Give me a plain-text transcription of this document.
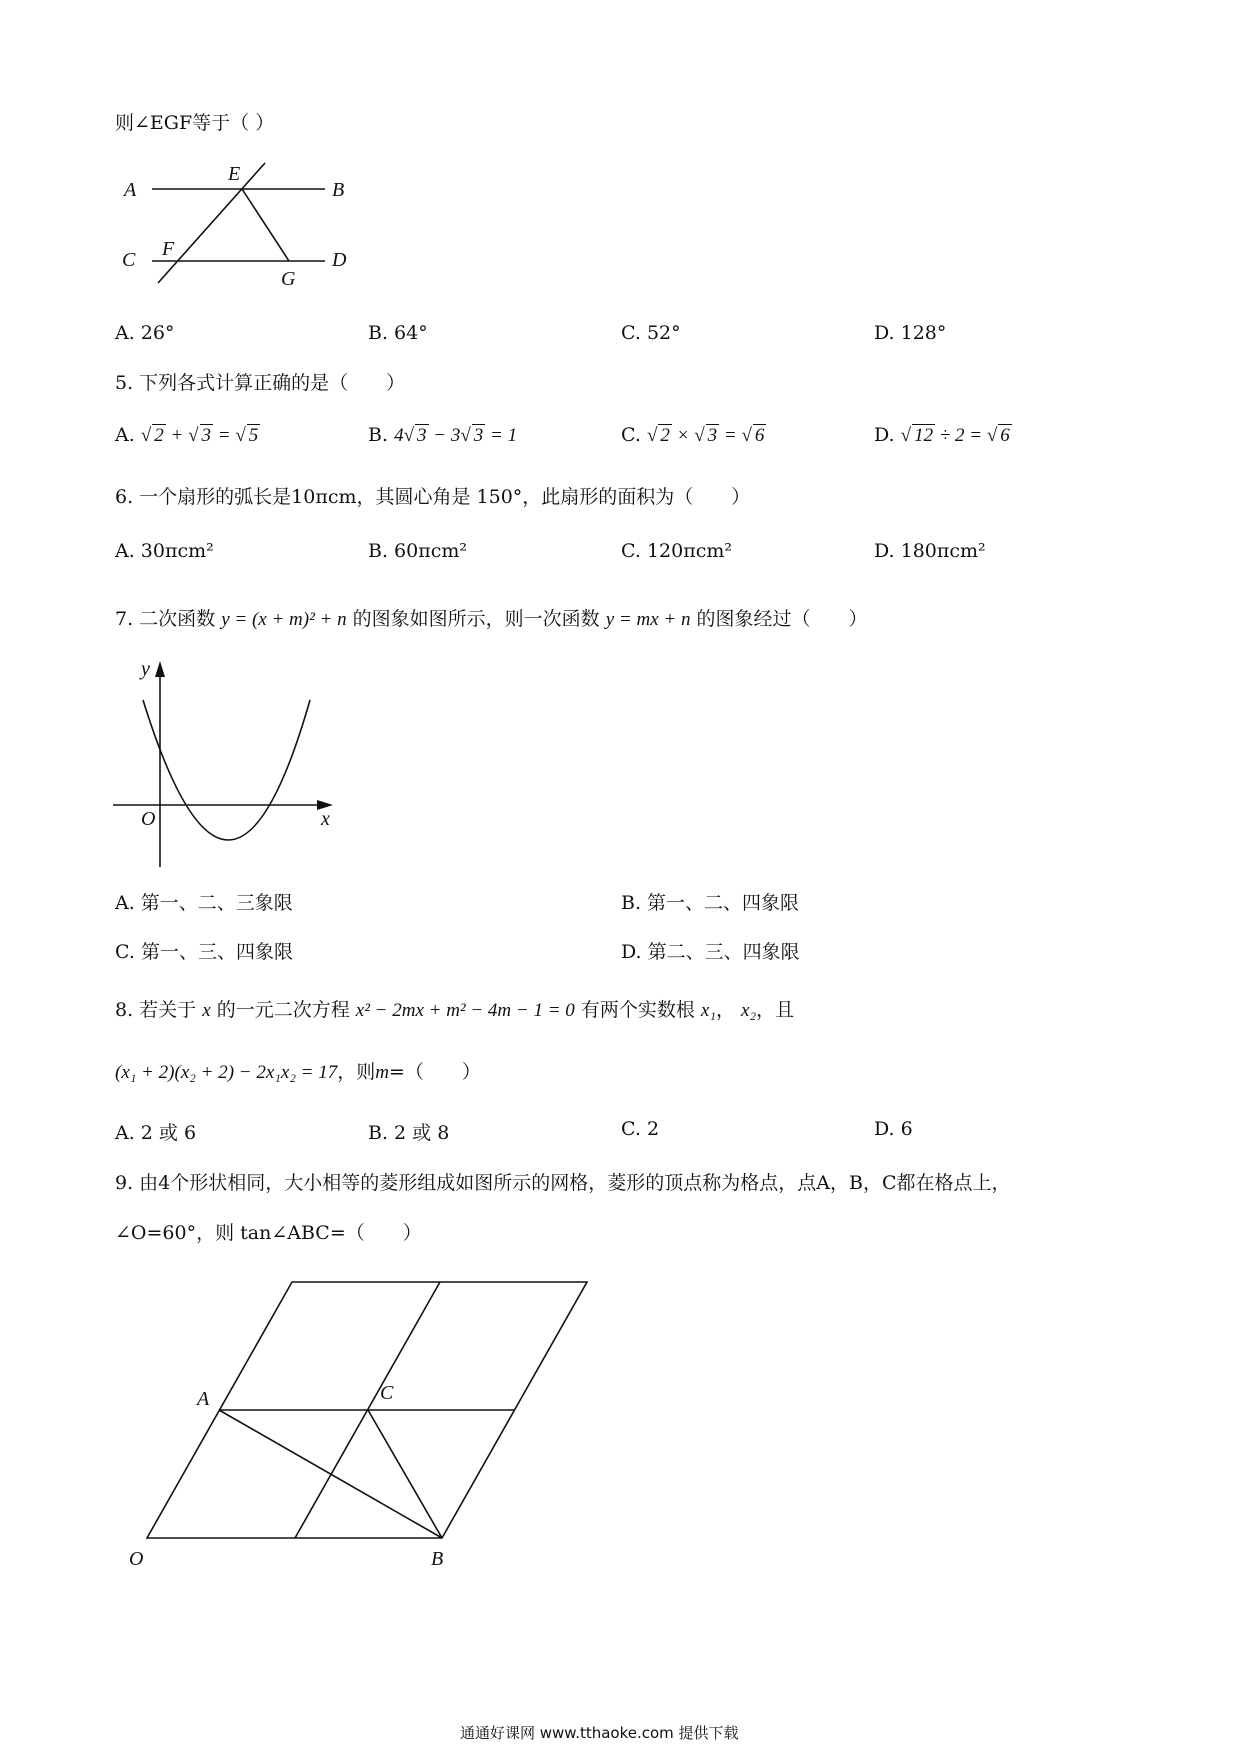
则∠EGF等于（ ）
A
E
B
C F
G
D
A. 26°	B. 64°	C. 52°	D. 128°
5. 下列各式计算正确的是（　　）
A. √ 2 + √ 3 = √ 5	B. 4√ 3 − 3√ 3 = 1	C. √ 2 × √ 3 = √ 6	D. √ 12 ÷ 2 = √ 6
6. 一个扇形的弧长是10πcm，其圆心角是 150°，此扇形的面积为（　　）
A. 30πcm²	B. 60πcm²	C. 120πcm²	D. 180πcm²
7. 二次函数 y = (x + m)² + n 的图象如图所示，则一次函数 y = mx + n 的图象经过（　　）
y
x
O
A. 第一、二、三象限	B. 第一、二、四象限
C. 第一、三、四象限	D. 第二、三、四象限
8. 若关于 x 的一元二次方程 x² − 2mx + m² − 4m − 1 = 0 有两个实数根 x₁， x₂，且
(x₁ + 2)(x₂ + 2) − 2x₁x₂ = 17，则m=（　　）
A. 2 或 6	B. 2 或 8	C. 2	D. 6
9. 由4个形状相同，大小相等的菱形组成如图所示的网格，菱形的顶点称为格点，点A，B，C都在格点上，
∠O=60°，则 tan∠ABC=（　　）
A	C
O	B
通通好课网 www.tthaoke.com 提供下载
